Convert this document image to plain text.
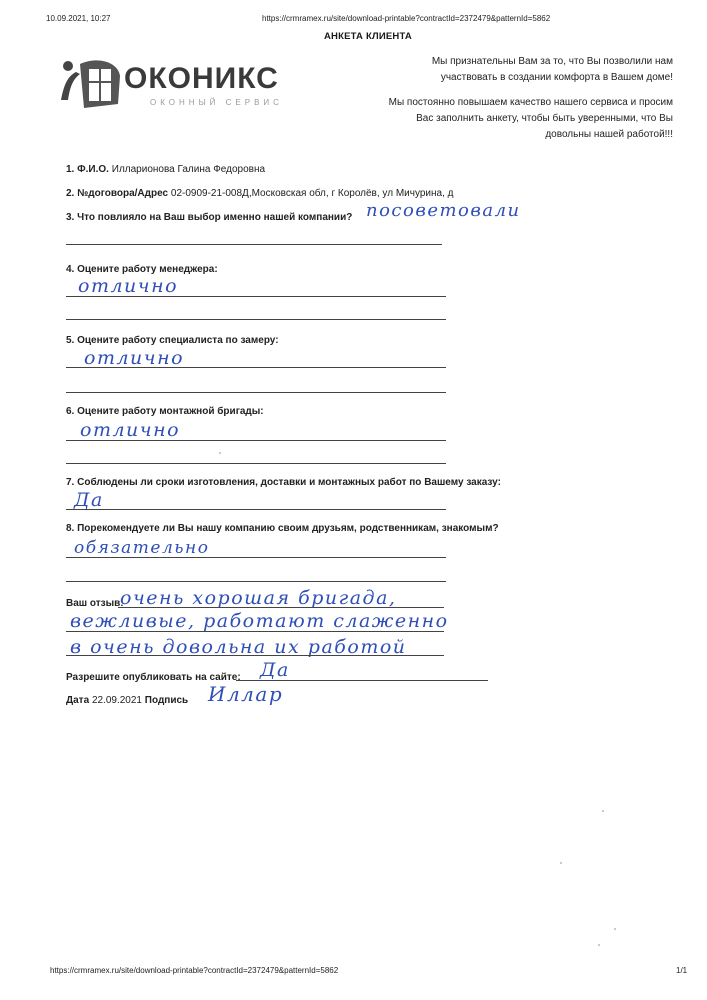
10.09.2021, 10:27	https://crmramex.ru/site/download-printable?contractId=2372479&patternId=5862
АНКЕТА КЛИЕНТА
ОКОНИКС
ОКОННЫЙ СЕРВИС
Мы признательны Вам за то, что Вы позволили нам
участвовать в создании комфорта в Вашем доме!
Мы постоянно повышаем качество нашего сервиса и просим
Вас заполнить анкету, чтобы быть уверенными, что Вы
довольны нашей работой!!!
1. Ф.И.О. Илларионова Галина Федоровна
2. №договора/Адрес 02-0909-21-008Д,Московская обл, г Королёв, ул Мичурина, д
3. Что повлияло на Ваш выбор именно нашей компании? посоветовали
4. Оцените работу менеджера:
отлично
5. Оцените работу специалиста по замеру:
отлично
6. Оцените работу монтажной бригады:
отлично
7. Соблюдены ли сроки изготовления, доставки и монтажных работ по Вашему заказу:
Да
8. Порекомендуете ли Вы нашу компанию своим друзьям, родственникам, знакомым?
обязательно
Ваш отзыв:
очень хорошая бригада,
вежливые, работают слаженно
в очень довольна их работой
Разрешите опубликовать на сайте: Да
Дата 22.09.2021 Подпись Иллар
https://crmramex.ru/site/download-printable?contractId=2372479&patternId=5862	1/1
